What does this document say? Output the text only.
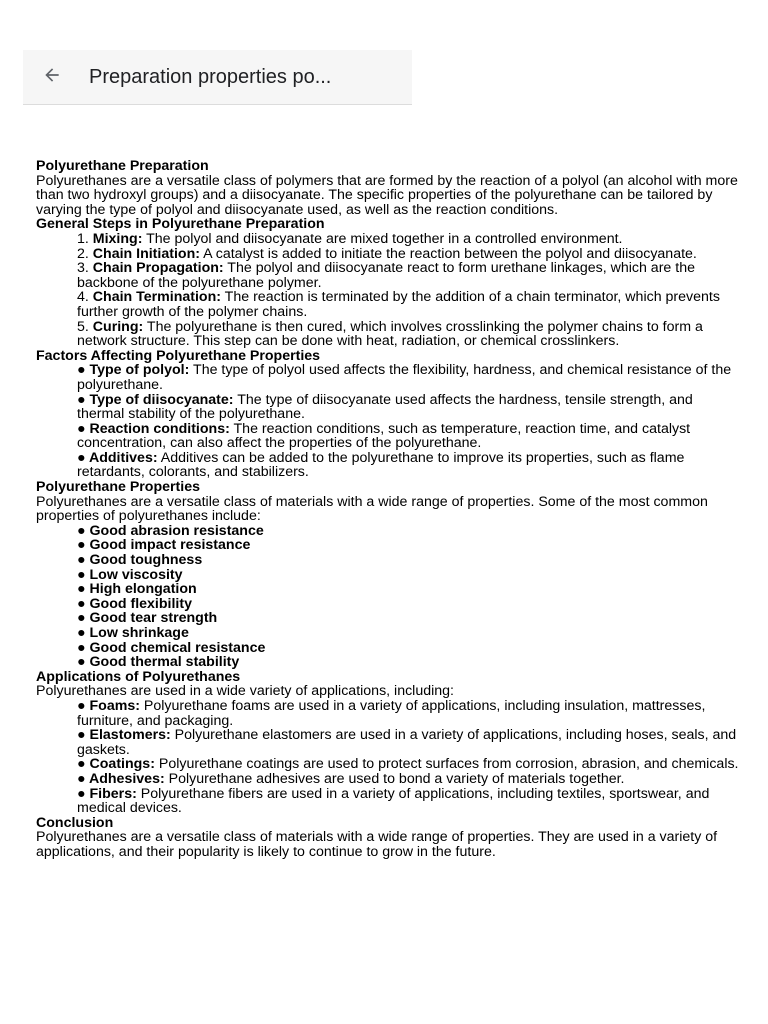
Preparation properties po...
Polyurethane Preparation

Polyurethanes are a versatile class of polymers that are formed by the reaction of a polyol (an alcohol with more than two hydroxyl groups) and a diisocyanate. The specific properties of the polyurethane can be tailored by varying the type of polyol and diisocyanate used, as well as the reaction conditions.

General Steps in Polyurethane Preparation
1. Mixing: The polyol and diisocyanate are mixed together in a controlled environment.
2. Chain Initiation: A catalyst is added to initiate the reaction between the polyol and diisocyanate.
3. Chain Propagation: The polyol and diisocyanate react to form urethane linkages, which are the backbone of the polyurethane polymer.
4. Chain Termination: The reaction is terminated by the addition of a chain terminator, which prevents further growth of the polymer chains.
5. Curing: The polyurethane is then cured, which involves crosslinking the polymer chains to form a network structure. This step can be done with heat, radiation, or chemical crosslinkers.
Factors Affecting Polyurethane Properties
● Type of polyol: The type of polyol used affects the flexibility, hardness, and chemical resistance of the polyurethane.
● Type of diisocyanate: The type of diisocyanate used affects the hardness, tensile strength, and thermal stability of the polyurethane.
● Reaction conditions: The reaction conditions, such as temperature, reaction time, and catalyst concentration, can also affect the properties of the polyurethane.
● Additives: Additives can be added to the polyurethane to improve its properties, such as flame retardants, colorants, and stabilizers.
Polyurethane Properties

Polyurethanes are a versatile class of materials with a wide range of properties. Some of the most common properties of polyurethanes include:

● Good abrasion resistance
● Good impact resistance
● Good toughness
● Low viscosity
● High elongation
● Good flexibility
● Good tear strength
● Low shrinkage
● Good chemical resistance
● Good thermal stability
Applications of Polyurethanes

Polyurethanes are used in a wide variety of applications, including:

● Foams: Polyurethane foams are used in a variety of applications, including insulation, mattresses, furniture, and packaging.
● Elastomers: Polyurethane elastomers are used in a variety of applications, including hoses, seals, and gaskets.
● Coatings: Polyurethane coatings are used to protect surfaces from corrosion, abrasion, and chemicals.
● Adhesives: Polyurethane adhesives are used to bond a variety of materials together.
● Fibers: Polyurethane fibers are used in a variety of applications, including textiles, sportswear, and medical devices.
Conclusion

Polyurethanes are a versatile class of materials with a wide range of properties. They are used in a variety of applications, and their popularity is likely to continue to grow in the future.
